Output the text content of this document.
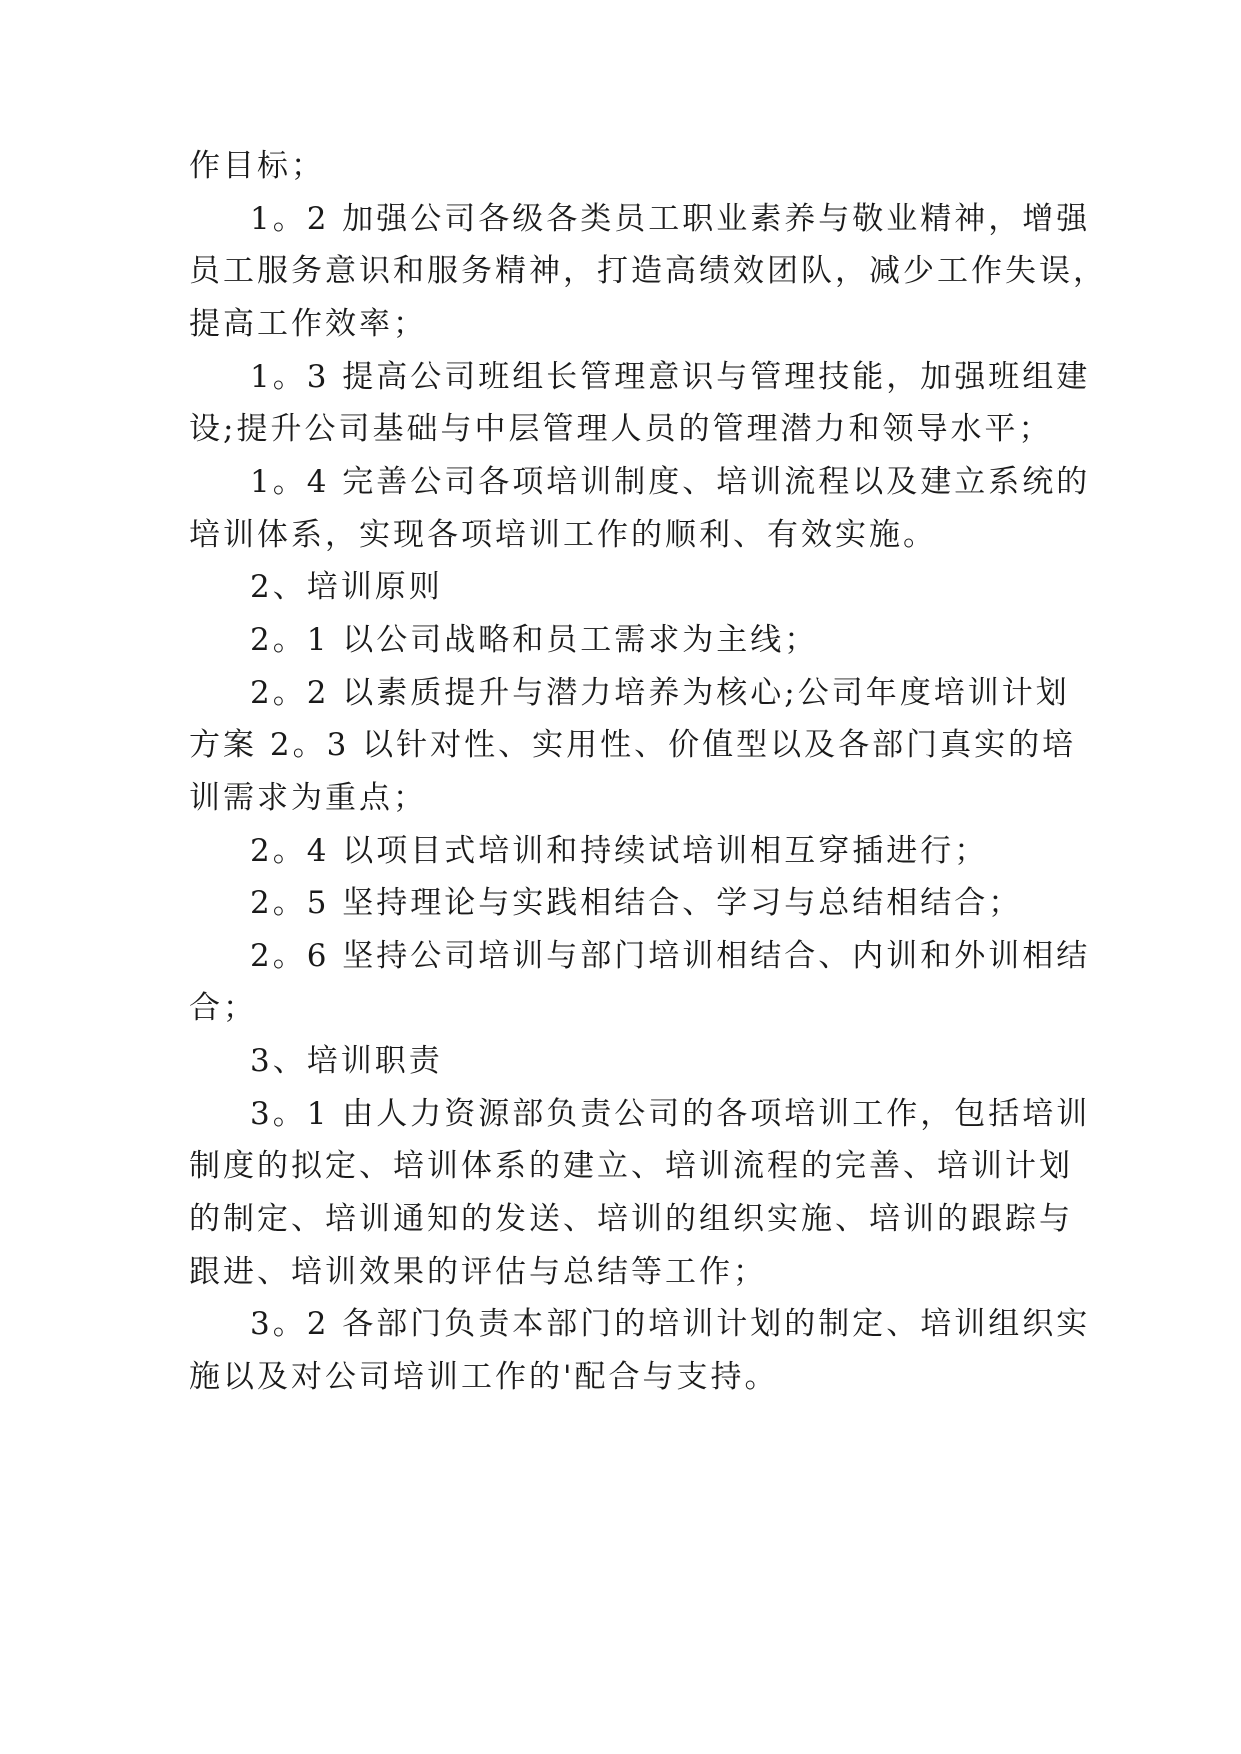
作目标；
1。2 加强公司各级各类员工职业素养与敬业精神，增强
员工服务意识和服务精神，打造高绩效团队，减少工作失误，
提高工作效率；
1。3 提高公司班组长管理意识与管理技能，加强班组建
设;提升公司基础与中层管理人员的管理潜力和领导水平；
1。4 完善公司各项培训制度、培训流程以及建立系统的
培训体系，实现各项培训工作的顺利、有效实施。
2、培训原则
2。1 以公司战略和员工需求为主线；
2。2 以素质提升与潜力培养为核心;公司年度培训计划
方案 2。3 以针对性、实用性、价值型以及各部门真实的培
训需求为重点；
2。4 以项目式培训和持续试培训相互穿插进行；
2。5 坚持理论与实践相结合、学习与总结相结合；
2。6 坚持公司培训与部门培训相结合、内训和外训相结
合；
3、培训职责
3。1 由人力资源部负责公司的各项培训工作，包括培训
制度的拟定、培训体系的建立、培训流程的完善、培训计划
的制定、培训通知的发送、培训的组织实施、培训的跟踪与
跟进、培训效果的评估与总结等工作；
3。2 各部门负责本部门的培训计划的制定、培训组织实
施以及对公司培训工作的'配合与支持。
